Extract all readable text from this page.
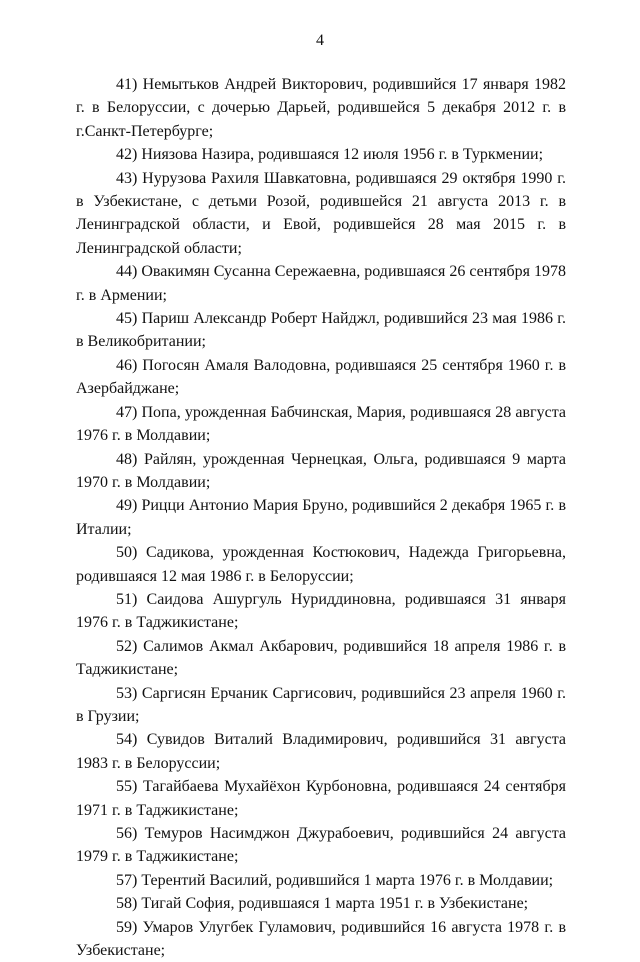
4

41) Немытьков Андрей Викторович, родившийся 17 января 1982 г. в Белоруссии, с дочерью Дарьей, родившейся 5 декабря 2012 г. в г.Санкт-Петербурге;

42) Ниязова Назира, родившаяся 12 июля 1956 г. в Туркмении;

43) Нурузова Рахиля Шавкатовна, родившаяся 29 октября 1990 г. в Узбекистане, с детьми Розой, родившейся 21 августа 2013 г. в Ленинградской области, и Евой, родившейся 28 мая 2015 г. в Ленинградской области;

44) Овакимян Сусанна Сережаевна, родившаяся 26 сентября 1978 г. в Армении;

45) Париш Александр Роберт Найджл, родившийся 23 мая 1986 г. в Великобритании;

46) Погосян Амаля Валодовна, родившаяся 25 сентября 1960 г. в Азербайджане;

47) Попа, урожденная Бабчинская, Мария, родившаяся 28 августа 1976 г. в Молдавии;

48) Райлян, урожденная Чернецкая, Ольга, родившаяся 9 марта 1970 г. в Молдавии;

49) Рицци Антонио Мария Бруно, родившийся 2 декабря 1965 г. в Италии;

50) Садикова, урожденная Костюкович, Надежда Григорьевна, родившаяся 12 мая 1986 г. в Белоруссии;

51) Саидова Ашургуль Нуриддиновна, родившаяся 31 января 1976 г. в Таджикистане;

52) Салимов Акмал Акбарович, родившийся 18 апреля 1986 г. в Таджикистане;

53) Саргисян Ерчаник Саргисович, родившийся 23 апреля 1960 г. в Грузии;

54) Сувидов Виталий Владимирович, родившийся 31 августа 1983 г. в Белоруссии;

55) Тагайбаева Мухайёхон Курбоновна, родившаяся 24 сентября 1971 г. в Таджикистане;

56) Темуров Насимджон Джурабоевич, родившийся 24 августа 1979 г. в Таджикистане;

57) Терентий Василий, родившийся 1 марта 1976 г. в Молдавии;

58) Тигай София, родившаяся 1 марта 1951 г. в Узбекистане;

59) Умаров Улугбек Гуламович, родившийся 16 августа 1978 г. в Узбекистане;
